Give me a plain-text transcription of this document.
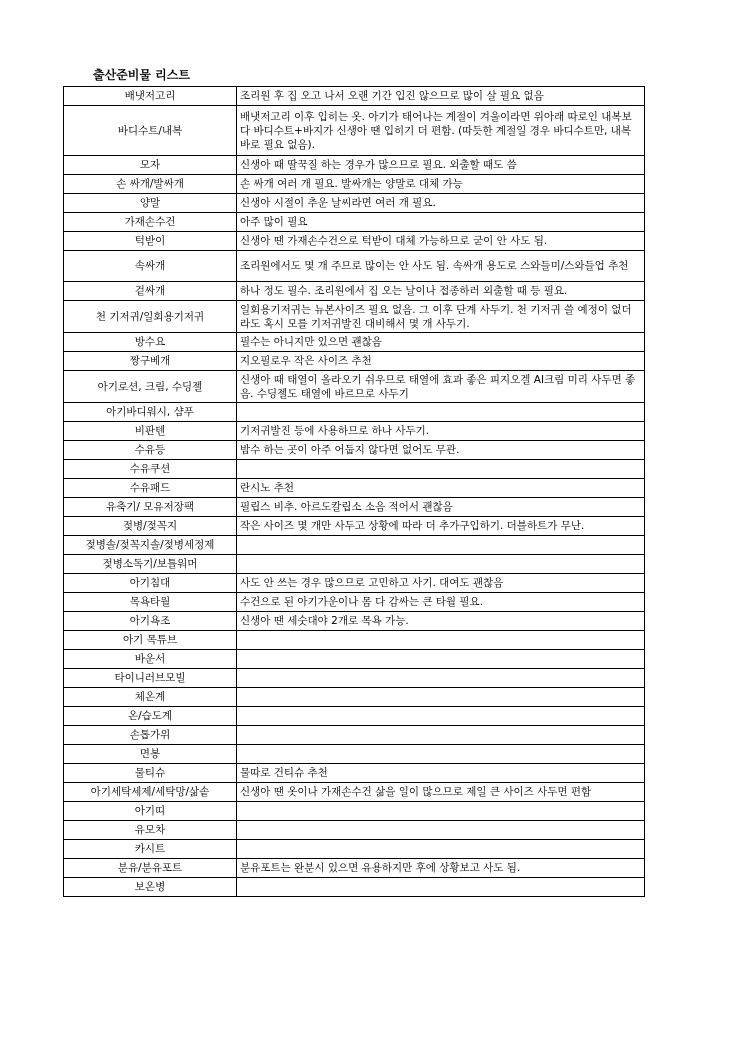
출산준비물 리스트
배냇저고리	조리원 후 집 오고 나서 오랜 기간 입진 않으므로 많이 살 필요 없음
바디수트/내복	배냇저고리 이후 입히는 옷. 아기가 태어나는 계절이 겨울이라면 위아래 따로인 내복보다 바디수트+바지가 신생아 땐 입히기 더 편함. (따듯한 계절일 경우 바디수트만, 내복 바로 필요 없음).
모자	신생아 때 딸꾹질 하는 경우가 많으므로 필요. 외출할 때도 씀
손 싸개/발싸개	손 싸개 여러 개 필요. 발싸개는 양말로 대체 가능
양말	신생아 시절이 추운 날씨라면 여러 개 필요.
가재손수건	아주 많이 필요
턱받이	신생아 땐 가재손수건으로 턱받이 대체 가능하므로 굳이 안 사도 됨.
속싸개	조리원에서도 몇 개 주므로 많이는 안 사도 됨. 속싸개 용도로 스와들미/스와들업 추천
겉싸개	하나 정도 필수. 조리원에서 집 오는 날이나 접종하러 외출할 때 등 필요.
천 기저귀/일회용기저귀	일회용기저귀는 뉴본사이즈 필요 없음. 그 이후 단계 사두기. 천 기저귀 쓸 예정이 없더라도 혹시 모를 기저귀발진 대비해서 몇 개 사두기.
방수요	필수는 아니지만 있으면 괜찮음
짱구베개	지오필로우 작은 사이즈 추천
아기로션, 크림, 수딩젤	신생아 때 태열이 올라오기 쉬우므로 태열에 효과 좋은 피지오겔 AI크림 미리 사두면 좋음. 수딩젤도 태열에 바르므로 사두기
아기바디워시, 샴푸	
비판텐	기저귀발진 등에 사용하므로 하나 사두기.
수유등	밤수 하는 곳이 아주 어둡지 않다면 없어도 무관.
수유쿠션	
수유패드	란시노 추천
유축기/ 모유저장팩	필립스 비추. 아르도칼립소 소음 적어서 괜찮음
젖병/젖꼭지	작은 사이즈 몇 개만 사두고 상황에 따라 더 추가구입하기. 더블하트가 무난.
젖병솔/젖꼭지솔/젖병세정제	
젖병소독기/보틀워머	
아기침대	사도 안 쓰는 경우 많으므로 고민하고 사기. 대여도 괜찮음
목욕타월	수건으로 된 아기가운이나 몸 다 감싸는 큰 타월 필요.
아기욕조	신생아 땐 세숫대야 2개로 목욕 가능.
아기 목튜브	
바운서	
타이니러브모빌	
체온계	
온/습도계	
손톱가위	
면봉	
물티슈	물따로 건티슈 추천
아기세탁세제/세탁망/삶솥	신생아 땐 옷이나 가재손수건 삶을 일이 많으므로 제일 큰 사이즈 사두면 편함
아기띠	
유모차	
카시트	
분유/분유포트	분유포트는 완분시 있으면 유용하지만 후에 상황보고 사도 됨.
보온병	
